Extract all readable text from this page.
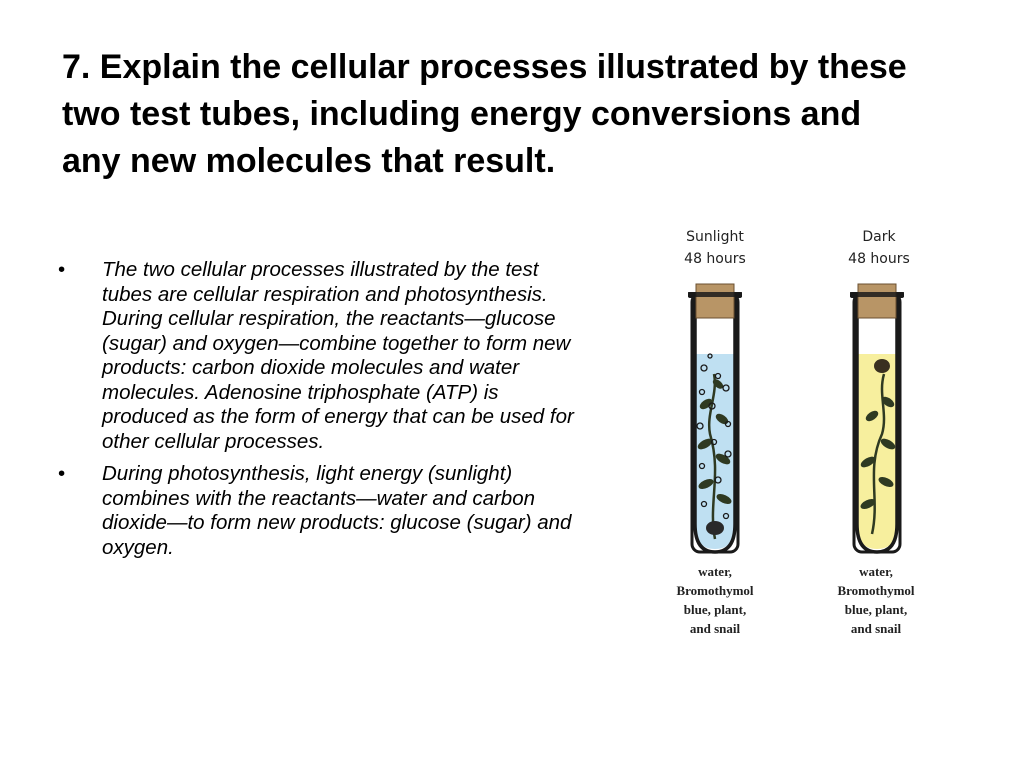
7. Explain the cellular processes illustrated by these two test tubes, including energy conversions and any new molecules that result.
• The two cellular processes illustrated by the test tubes are cellular respiration and photosynthesis. During cellular respiration, the reactants—glucose (sugar) and oxygen—combine together to form new products: carbon dioxide molecules and water molecules. Adenosine triphosphate (ATP) is produced as the form of energy that can be used for other cellular processes.
• During photosynthesis, light energy (sunlight) combines with the reactants—water and carbon dioxide—to form new products: glucose (sugar) and oxygen.
Sunlight
48 hours
water,
Bromothymol
blue, plant,
and snail
Dark
48 hours
water,
Bromothymol
blue, plant,
and snail
